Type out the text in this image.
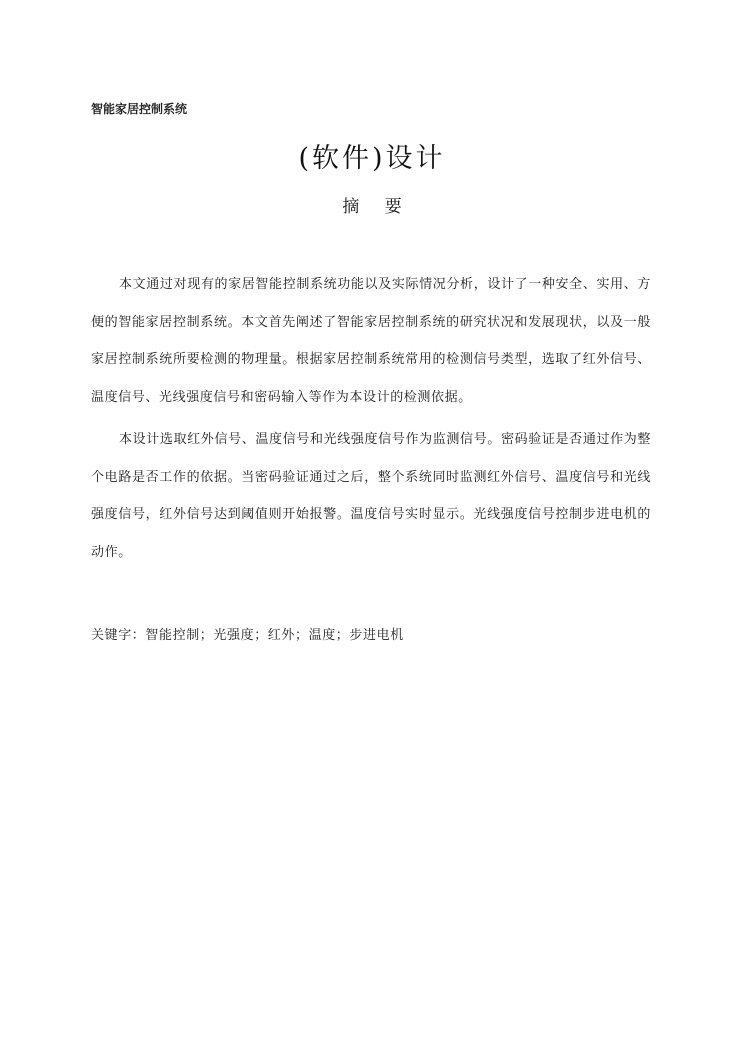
智能家居控制系统
(软件)设计
摘 要
本文通过对现有的家居智能控制系统功能以及实际情况分析，设计了一种安全、实用、方便的智能家居控制系统。本文首先阐述了智能家居控制系统的研究状况和发展现状，以及一般家居控制系统所要检测的物理量。根据家居控制系统常用的检测信号类型，选取了红外信号、温度信号、光线强度信号和密码输入等作为本设计的检测依据。
本设计选取红外信号、温度信号和光线强度信号作为监测信号。密码验证是否通过作为整个电路是否工作的依据。当密码验证通过之后，整个系统同时监测红外信号、温度信号和光线强度信号，红外信号达到阈值则开始报警。温度信号实时显示。光线强度信号控制步进电机的动作。
关键字：智能控制；光强度；红外；温度；步进电机
